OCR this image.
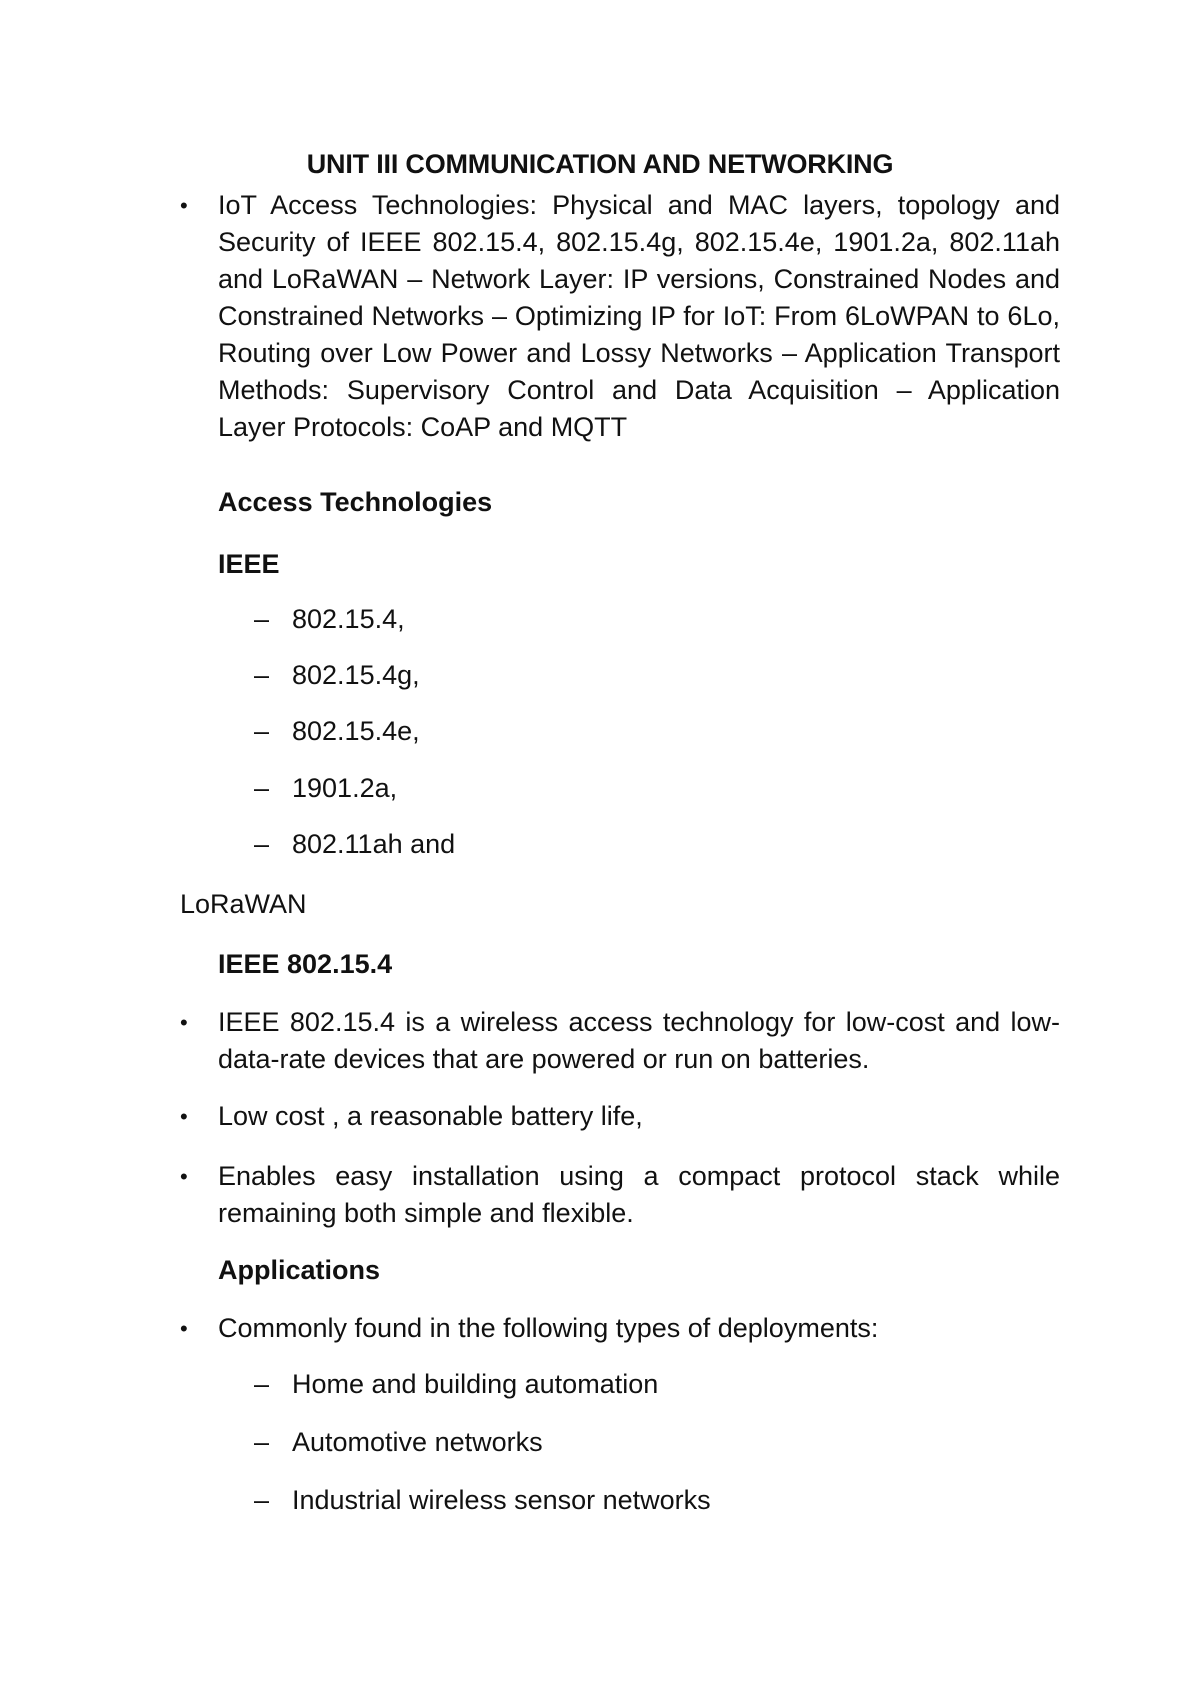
UNIT III COMMUNICATION AND NETWORKING
•	IoT Access Technologies: Physical and MAC layers, topology and Security of IEEE 802.15.4, 802.15.4g, 802.15.4e, 1901.2a, 802.11ah and LoRaWAN – Network Layer: IP versions, Constrained Nodes and Constrained Networks – Optimizing IP for IoT: From 6LoWPAN to 6Lo, Routing over Low Power and Lossy Networks – Application Transport Methods: Supervisory Control and Data Acquisition – Application Layer Protocols: CoAP and MQTT
Access Technologies
IEEE
– 802.15.4,
– 802.15.4g,
– 802.15.4e,
– 1901.2a,
– 802.11ah and
LoRaWAN
IEEE 802.15.4
•	IEEE 802.15.4 is a wireless access technology for low-cost and low-data-rate devices that are powered or run on batteries.
•	Low cost , a reasonable battery life,
•	Enables easy installation using a compact protocol stack while remaining both simple and flexible.
Applications
•	Commonly found in the following types of deployments:
– Home and building automation
– Automotive networks
– Industrial wireless sensor networks
